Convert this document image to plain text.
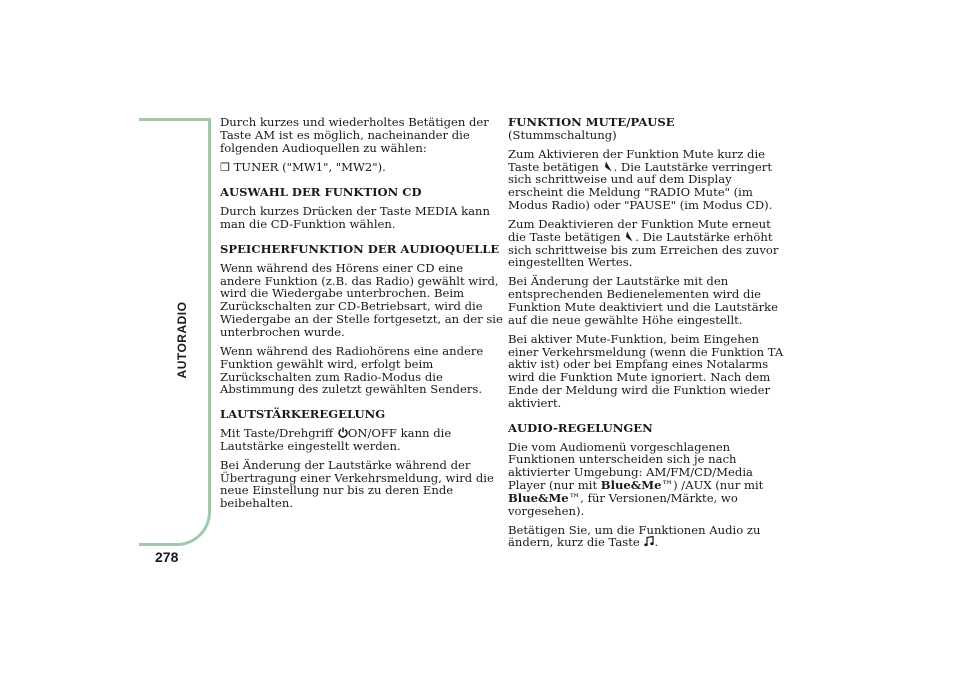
AUTORADIO
278

Durch kurzes und wiederholtes Betätigen der Taste AM ist es möglich, nacheinander die folgenden Audioquellen zu wählen:

❒ TUNER ("MW1", "MW2").

AUSWAHL DER FUNKTION CD

Durch kurzes Drücken der Taste MEDIA kann man die CD-Funktion wählen.

SPEICHERFUNKTION DER AUDIOQUELLE

Wenn während des Hörens einer CD eine andere Funktion (z.B. das Radio) gewählt wird, wird die Wiedergabe unterbrochen. Beim Zurückschalten zur CD-Betriebsart, wird die Wiedergabe an der Stelle fortgesetzt, an der sie unterbrochen wurde.

Wenn während des Radiohörens eine andere Funktion gewählt wird, erfolgt beim Zurückschalten zum Radio-Modus die Abstimmung des zuletzt gewählten Senders.

LAUTSTÄRKEREGELUNG

Mit Taste/Drehgriff
ON/OFF kann die Lautstärke eingestellt werden.

Bei Änderung der Lautstärke während der Übertragung einer Verkehrsmeldung, wird die neue Einstellung nur bis zu deren Ende beibehalten.

FUNKTION MUTE/PAUSE

(Stummschaltung)

Zum Aktivieren der Funktion Mute kurz die Taste betätigen
. Die Lautstärke verringert sich schrittweise und auf dem Display erscheint die Meldung "RADIO Mute" (im Modus Radio) oder "PAUSE" (im Modus CD).

Zum Deaktivieren der Funktion Mute erneut die Taste betätigen
. Die Lautstärke erhöht sich schrittweise bis zum Erreichen des zuvor eingestellten Wertes.

Bei Änderung der Lautstärke mit den entsprechenden Bedienelementen wird die Funktion Mute deaktiviert und die Lautstärke auf die neue gewählte Höhe eingestellt.

Bei aktiver Mute-Funktion, beim Eingehen einer Verkehrsmeldung (wenn die Funktion TA aktiv ist) oder bei Empfang eines Notalarms wird die Funktion Mute ignoriert. Nach dem Ende der Meldung wird die Funktion wieder aktiviert.

AUDIO-REGELUNGEN

Die vom Audiomenü vorgeschlagenen Funktionen unterscheiden sich je nach aktivierter Umgebung: AM/FM/CD/Media Player (nur mit Blue&Me™) /AUX (nur mit Blue&Me™, für Versionen/Märkte, wo vorgesehen).

Betätigen Sie, um die Funktionen Audio zu ändern, kurz die Taste
.
